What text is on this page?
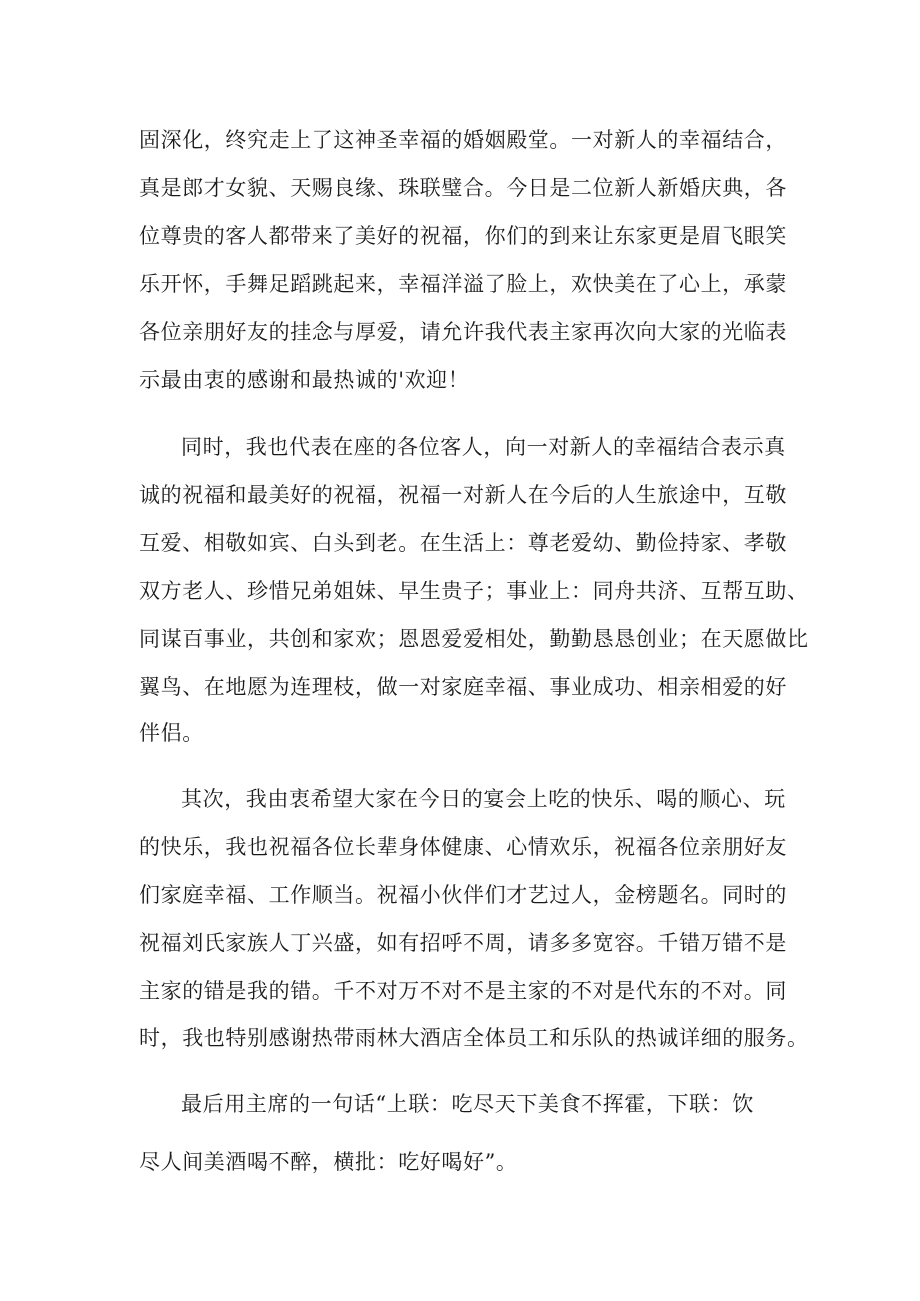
固深化，终究走上了这神圣幸福的婚姻殿堂。一对新人的幸福结合，
真是郎才女貌、天赐良缘、珠联璧合。今日是二位新人新婚庆典，各
位尊贵的客人都带来了美好的祝福，你们的到来让东家更是眉飞眼笑
乐开怀，手舞足蹈跳起来，幸福洋溢了脸上，欢快美在了心上，承蒙
各位亲朋好友的挂念与厚爱，请允许我代表主家再次向大家的光临表
示最由衷的感谢和最热诚的'欢迎！
同时，我也代表在座的各位客人，向一对新人的幸福结合表示真
诚的祝福和最美好的祝福，祝福一对新人在今后的人生旅途中，互敬
互爱、相敬如宾、白头到老。在生活上：尊老爱幼、勤俭持家、孝敬
双方老人、珍惜兄弟姐妹、早生贵子；事业上：同舟共济、互帮互助、
同谋百事业，共创和家欢；恩恩爱爱相处，勤勤恳恳创业；在天愿做比
翼鸟、在地愿为连理枝，做一对家庭幸福、事业成功、相亲相爱的好
伴侣。
其次，我由衷希望大家在今日的宴会上吃的快乐、喝的顺心、玩
的快乐，我也祝福各位长辈身体健康、心情欢乐，祝福各位亲朋好友
们家庭幸福、工作顺当。祝福小伙伴们才艺过人，金榜题名。同时的
祝福刘氏家族人丁兴盛，如有招呼不周，请多多宽容。千错万错不是
主家的错是我的错。千不对万不对不是主家的不对是代东的不对。同
时，我也特别感谢热带雨林大酒店全体员工和乐队的热诚详细的服务。
最后用主席的一句话“上联：吃尽天下美食不挥霍，下联：饮
尽人间美酒喝不醉，横批：吃好喝好”。
